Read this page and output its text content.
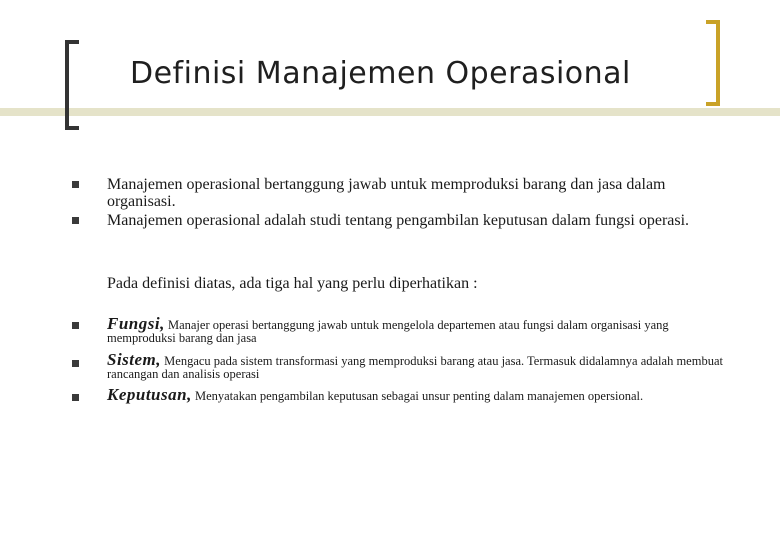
Definisi Manajemen Operasional
Manajemen operasional bertanggung jawab untuk memproduksi barang dan jasa dalam organisasi.
Manajemen operasional adalah studi tentang pengambilan keputusan dalam fungsi operasi.
Pada definisi diatas, ada tiga hal yang perlu diperhatikan :
Fungsi, Manajer operasi bertanggung jawab untuk mengelola departemen atau fungsi dalam organisasi yang memproduksi barang dan jasa
Sistem, Mengacu pada sistem transformasi yang memproduksi barang atau jasa. Termasuk didalamnya adalah membuat rancangan dan analisis operasi
Keputusan, Menyatakan pengambilan keputusan sebagai unsur penting dalam manajemen opersional.
